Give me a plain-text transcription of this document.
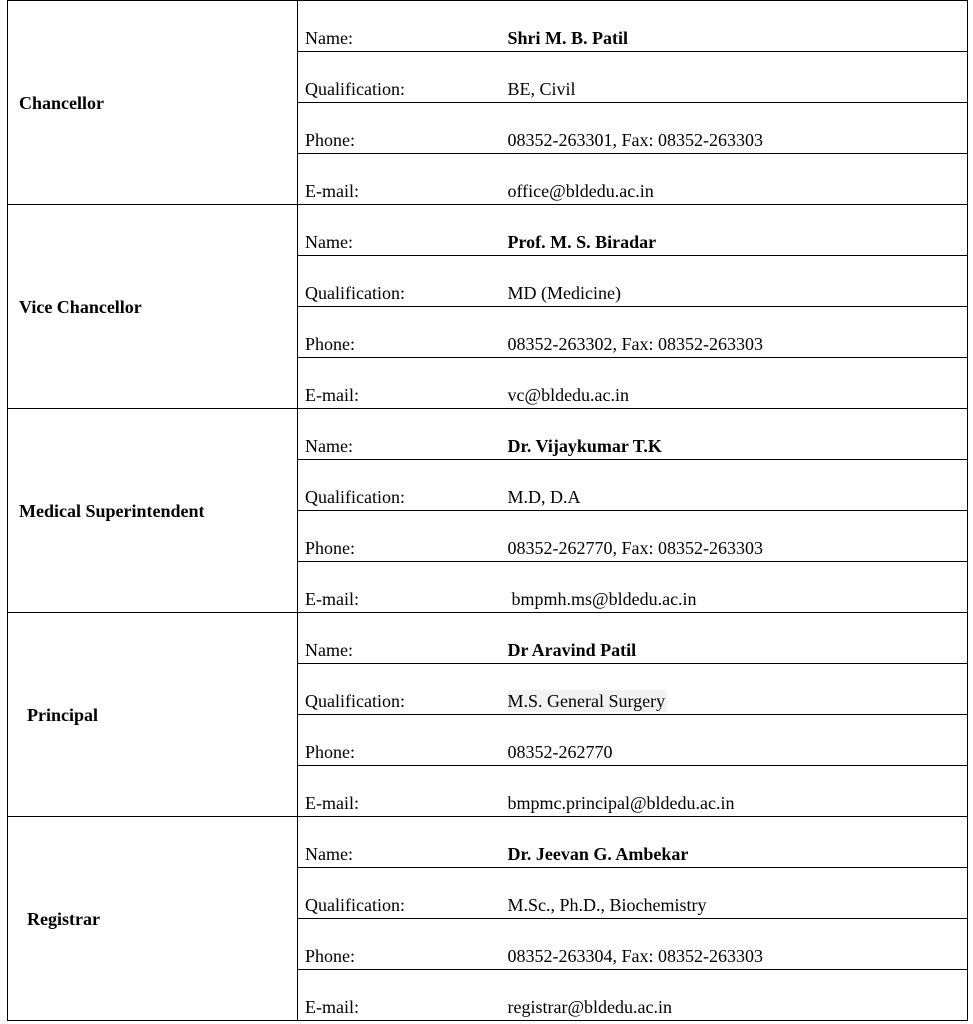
Chancellor	Name:	Shri M. B. Patil
	Qualification:	BE, Civil
	Phone:	08352-263301, Fax: 08352-263303
	E-mail:	office@bldedu.ac.in
Vice Chancellor	Name:	Prof. M. S. Biradar
	Qualification:	MD (Medicine)
	Phone:	08352-263302, Fax: 08352-263303
	E-mail:	vc@bldedu.ac.in
Medical Superintendent	Name:	Dr. Vijaykumar T.K
	Qualification:	M.D, D.A
	Phone:	08352-262770, Fax: 08352-263303
	E-mail:	bmpmh.ms@bldedu.ac.in
Principal	Name:	Dr Aravind Patil
	Qualification:	M.S. General Surgery
	Phone:	08352-262770
	E-mail:	bmpmc.principal@bldedu.ac.in
Registrar	Name:	Dr. Jeevan G. Ambekar
	Qualification:	M.Sc., Ph.D., Biochemistry
	Phone:	08352-263304, Fax: 08352-263303
	E-mail:	registrar@bldedu.ac.in
